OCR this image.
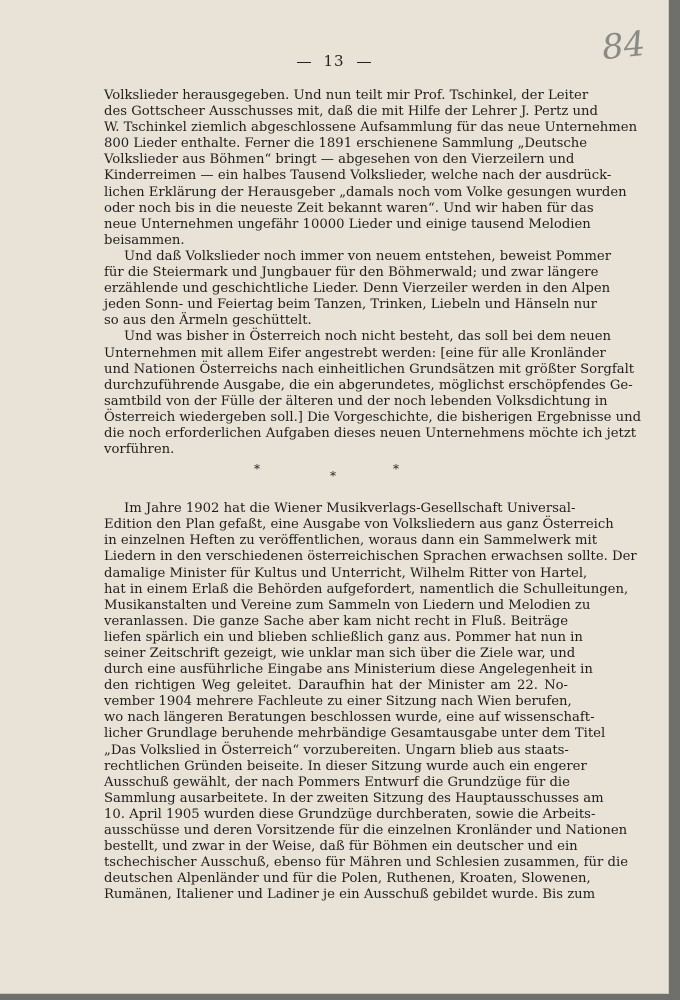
13	84

Volkslieder herausgegeben. Und nun teilt mir Prof. Tschinkel, der Leiter
des Gottscheer Ausschusses mit, daß die mit Hilfe der Lehrer J. Pertz und
W. Tschinkel ziemlich abgeschlossene Aufsammlung für das neue Unternehmen
800 Lieder enthalte. Ferner die 1891 erschienene Sammlung „Deutsche
Volkslieder aus Böhmen“ bringt — abgesehen von den Vierzeilern und
Kinderreimen — ein halbes Tausend Volkslieder, welche nach der ausdrück-
lichen Erklärung der Herausgeber „damals noch vom Volke gesungen wurden
oder noch bis in die neueste Zeit bekannt waren“. Und wir haben für das
neue Unternehmen ungefähr 10000 Lieder und einige tausend Melodien
beisammen.

Und daß Volkslieder noch immer von neuem entstehen, beweist Pommer
für die Steiermark und Jungbauer für den Böhmerwald; und zwar längere
erzählende und geschichtliche Lieder. Denn Vierzeiler werden in den Alpen
jeden Sonn- und Feiertag beim Tanzen, Trinken, Liebeln und Hänseln nur
so aus den Ärmeln geschüttelt.

Und was bisher in Österreich noch nicht besteht, das soll bei dem neuen
Unternehmen mit allem Eifer angestrebt werden: [eine für alle Kronländer
und Nationen Österreichs nach einheitlichen Grundsätzen mit größter Sorgfalt
durchzuführende Ausgabe, die ein abgerundetes, möglichst erschöpfendes Ge-
samtbild von der Fülle der älteren und der noch lebenden Volksdichtung in
Österreich wiedergeben soll.] Die Vorgeschichte, die bisherigen Ergebnisse und
die noch erforderlichen Aufgaben dieses neuen Unternehmens möchte ich jetzt
vorführen.

*	*	*

Im Jahre 1902 hat die Wiener Musikverlags-Gesellschaft Universal-
Edition den Plan gefaßt, eine Ausgabe von Volksliedern aus ganz Österreich
in einzelnen Heften zu veröffentlichen, woraus dann ein Sammelwerk mit
Liedern in den verschiedenen österreichischen Sprachen erwachsen sollte. Der
damalige Minister für Kultus und Unterricht, Wilhelm Ritter von Hartel,
hat in einem Erlaß die Behörden aufgefordert, namentlich die Schulleitungen,
Musikanstalten und Vereine zum Sammeln von Liedern und Melodien zu
veranlassen. Die ganze Sache aber kam nicht recht in Fluß. Beiträge
liefen spärlich ein und blieben schließlich ganz aus. Pommer hat nun in
seiner Zeitschrift gezeigt, wie unklar man sich über die Ziele war, und
durch eine ausführliche Eingabe ans Ministerium diese Angelegenheit in
den richtigen Weg geleitet. Daraufhin hat der Minister am 22. No-
vember 1904 mehrere Fachleute zu einer Sitzung nach Wien berufen,
wo nach längeren Beratungen beschlossen wurde, eine auf wissenschaft-
licher Grundlage beruhende mehrbändige Gesamtausgabe unter dem Titel
„Das Volkslied in Österreich“ vorzubereiten. Ungarn blieb aus staats-
rechtlichen Gründen beiseite. In dieser Sitzung wurde auch ein engerer
Ausschuß gewählt, der nach Pommers Entwurf die Grundzüge für die
Sammlung ausarbeitete. In der zweiten Sitzung des Hauptausschusses am
10. April 1905 wurden diese Grundzüge durchberaten, sowie die Arbeits-
ausschüsse und deren Vorsitzende für die einzelnen Kronländer und Nationen
bestellt, und zwar in der Weise, daß für Böhmen ein deutscher und ein
tschechischer Ausschuß, ebenso für Mähren und Schlesien zusammen, für die
deutschen Alpenländer und für die Polen, Ruthenen, Kroaten, Slowenen,
Rumänen, Italiener und Ladiner je ein Ausschuß gebildet wurde. Bis zum
